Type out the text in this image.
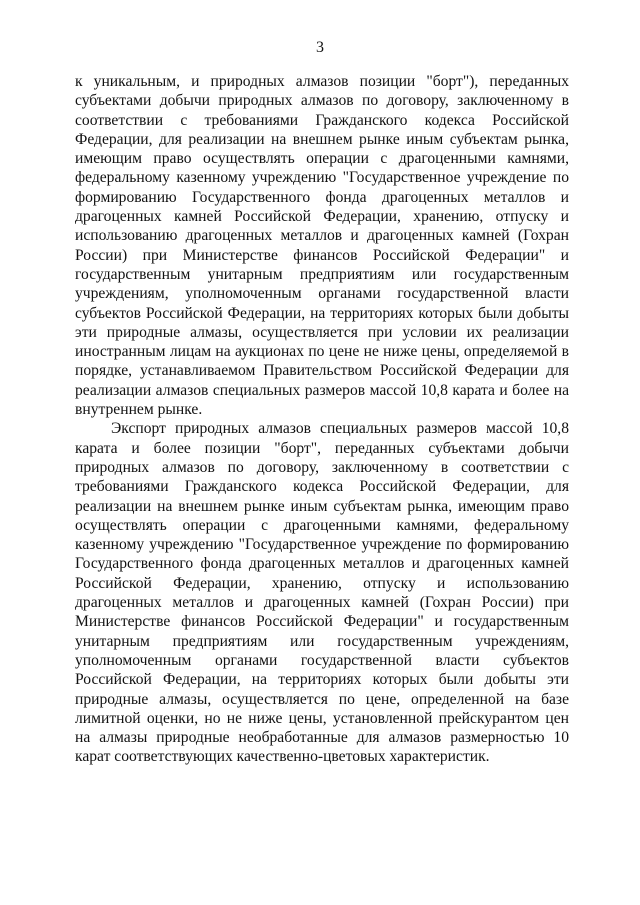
3

к уникальным, и природных алмазов позиции "борт"), переданных субъектами добычи природных алмазов по договору, заключенному в соответствии с требованиями Гражданского кодекса Российской Федерации, для реализации на внешнем рынке иным субъектам рынка, имеющим право осуществлять операции с драгоценными камнями, федеральному казенному учреждению "Государственное учреждение по формированию Государственного фонда драгоценных металлов и драгоценных камней Российской Федерации, хранению, отпуску и использованию драгоценных металлов и драгоценных камней (Гохран России) при Министерстве финансов Российской Федерации" и государственным унитарным предприятиям или государственным учреждениям, уполномоченным органами государственной власти субъектов Российской Федерации, на территориях которых были добыты эти природные алмазы, осуществляется при условии их реализации иностранным лицам на аукционах по цене не ниже цены, определяемой в порядке, устанавливаемом Правительством Российской Федерации для реализации алмазов специальных размеров массой 10,8 карата и более на внутреннем рынке.

Экспорт природных алмазов специальных размеров массой 10,8 карата и более позиции "борт", переданных субъектами добычи природных алмазов по договору, заключенному в соответствии с требованиями Гражданского кодекса Российской Федерации, для реализации на внешнем рынке иным субъектам рынка, имеющим право осуществлять операции с драгоценными камнями, федеральному казенному учреждению "Государственное учреждение по формированию Государственного фонда драгоценных металлов и драгоценных камней Российской Федерации, хранению, отпуску и использованию драгоценных металлов и драгоценных камней (Гохран России) при Министерстве финансов Российской Федерации" и государственным унитарным предприятиям или государственным учреждениям, уполномоченным органами государственной власти субъектов Российской Федерации, на территориях которых были добыты эти природные алмазы, осуществляется по цене, определенной на базе лимитной оценки, но не ниже цены, установленной прейскурантом цен на алмазы природные необработанные для алмазов размерностью 10 карат соответствующих качественно-цветовых характеристик.
